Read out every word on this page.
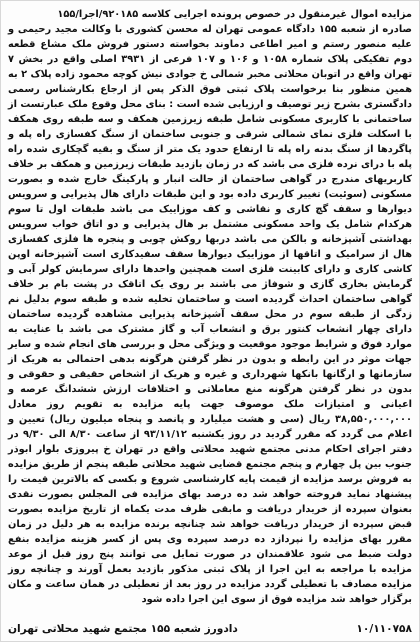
مزایده اموال غیرمنقول در خصوص پرونده اجرایی کلاسه ۹۲۰۱۸۵/اجرا/۱۵۵

صادره از شعبه ۱۵۵ دادگاه عمومی تهران له محسن کشوری با وکالت مجید رحیمی و علیه منصور رستم و امیر اطاعی دماوند بخواسته دستور فروش ملک مشاع قطعه دوم تفکیکی پلاک شماره ۱۰۵۸ و ۱۰۶ و ۱۰۷ فرعی از ۳۹۳۱ اصلی واقع در بخش ۷ تهران واقع در اتوبان محلاتی مخبر شمالی خ جوادی نیش کوچه محمود زاده پلاک ۲ به همین منظور بنا برخواست پلاک ثبتی فوق الذکر پس از ارجاع بکارشناس رسمی دادگستری بشرح زیر توصیف و ارزیابی شده است : بنای محل وقوع ملک عبارتست از ساختمانی با کاربری مسکونی شامل طبقه زیرزمین همکف و سه طبقه روی همکف با اسکلت فلزی نمای شمالی شرقی و جنوبی ساختمان از سنگ کفسازی راه پله و پاگردها از سنگ بدنه راه پله تا ارتفاع حدود یک متر از سنگ و بقیه گچکاری شده راه پله با درای نرده فلزی می باشد که در زمان بازدید طبقات زیرزمین و همکف بر خلاف کاربریهای مندرج در گواهی ساختمان از حالت انبار و پارکینگ خارج شده و بصورت مسکونی (سوئیت) تغییر کاربری داده بود و این طبقات دارای هال پذیرایی و سرویس دیوارها و سقف گچ کاری و نقاشی و کف موزاییک می باشد طبقات اول تا سوم هرکدام شامل یک واحد مسکونی مشتمل بر هال پذیرایی و دو اتاق خواب سرویس بهداشتی آشپزخانه و بالکن می باشد دربها روکش چوبی و پنجره ها فلزی کفسازی هال از سرامیک و اتاقها از موزاییک دیوارها سقف سفیدکاری است آشپزخانه اوپن کاشی کاری و دارای کابینت فلزی است همچنین واحدها دارای سرمایش کولر آبی و گرمایش بخاری گازی و شوفاژ می باشند بر روی یک اتاقک در پشت بام بر خلاف گواهی ساختمان احداث گردیده است و ساختمان تخلیه شده و طبقه سوم بدلیل نم زدگی از طبقه سوم در محل سقف آشپزخانه پذیرایی مشاهده گردیده ساختمان دارای چهار انشعاب کنتور برق و انشعاب آب و گاز مشترک می باشد با عنایت به موارد فوق و شرایط موجود موقعیت و ویژگی محل و بررسی های انجام شده و سایر جهات موثر در این رابطه و بدون در نظر گرفتن هرگونه بدهی احتمالی به هریک از سازمانها و ارگانها بانکها شهرداری و غیره و هریک از اشخاص حقیقی و حقوقی و بدون در نظر گرفتن هرگونه منع معاملاتی و اختلافات ارزش ششدانگ عرصه و اعیانی و امتیازات ملک موصوف جهت پایه مزایده به تقویم روز معادل ۳۸,۵۵۰,۰۰۰,۰۰۰ ریال (سی و هشت میلیارد و پانصد و پنجاه میلیون ریال) تعیین و اعلام می گردد که مقرر گردید در روز یکشنبه ۹۳/۱۱/۱۲ از ساعت ۸/۳۰ الی ۹/۳۰ در دفتر اجرای احکام مدنی مجتمع شهید محلاتی واقع در تهران خ پیروزی بلوار ابوذر جنوب بین پل چهارم و پنجم مجتمع قضایی شهید محلاتی طبقه پنجم از طریق مزایده به فروش برسد مزایده از قیمت پایه کارشناسی شروع و بکسی که بالاترین قیمت را پیشنهاد نماید فروخته خواهد شد ده درصد بهای مزایده فی المجلس بصورت نقدی بعنوان سپرده از خریدار دریافت و مابقی ظرف مدت یکماه از تاریخ مزایده بصورت قبض سپرده از خریدار دریافت خواهد شد چنانچه برنده مزایده به هر دلیل در زمان مقرر بهای مزایده را نپردازد ده درصد سپرده وی پس از کسر هزینه مزایده بنفع دولت ضبط می شود علاقمندان در صورت تمایل می توانند پنج روز قبل از موعد مزایده با مراجعه به این اجرا از پلاک ثبتی مذکور بازدید بعمل آورند و چنانچه روز مزایده مصادف با تعطیلی گردد مزایده در روز بعد از تعطیلی در همان ساعت و مکان برگزار خواهد شد مزایده فوق از سوی این اجرا داده شود

۱۰/۱۱۰۷۵۸
دادورز شعبه ۱۵۵ مجتمع شهید محلاتی تهران
